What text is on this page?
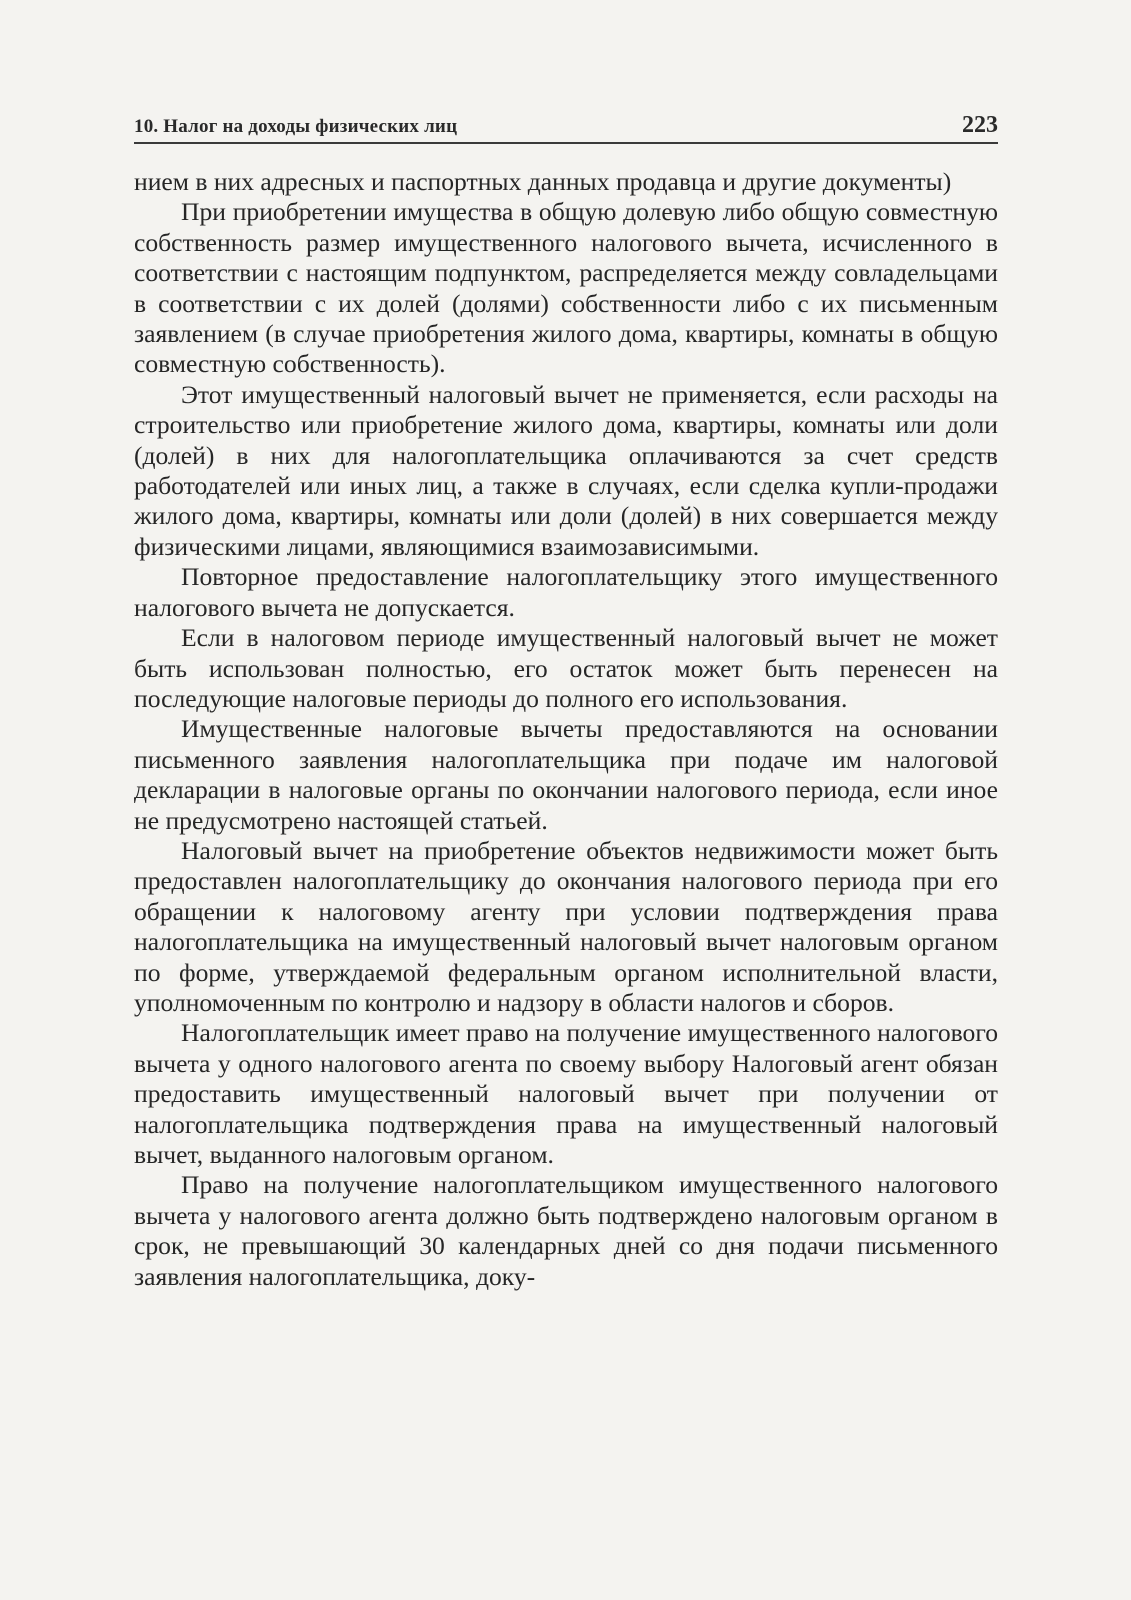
10. Налог на доходы физических лиц	223

нием в них адресных и паспортных данных продавца и другие документы)

При приобретении имущества в общую долевую либо общую совместную собственность размер имущественного налогового вычета, исчисленного в соответствии с настоящим подпунктом, распределяется между совладельцами в соответствии с их долей (долями) собственности либо с их письменным заявлением (в случае приобретения жилого дома, квартиры, комнаты в общую совместную собственность).

Этот имущественный налоговый вычет не применяется, если расходы на строительство или приобретение жилого дома, квартиры, комнаты или доли (долей) в них для налогоплательщика оплачиваются за счет средств работодателей или иных лиц, а также в случаях, если сделка купли-продажи жилого дома, квартиры, комнаты или доли (долей) в них совершается между физическими лицами, являющимися взаимозависимыми.

Повторное предоставление налогоплательщику этого имущественного налогового вычета не допускается.

Если в налоговом периоде имущественный налоговый вычет не может быть использован полностью, его остаток может быть перенесен на последующие налоговые периоды до полного его использования.

Имущественные налоговые вычеты предоставляются на основании письменного заявления налогоплательщика при подаче им налоговой декларации в налоговые органы по окончании налогового периода, если иное не предусмотрено настоящей статьей.

Налоговый вычет на приобретение объектов недвижимости может быть предоставлен налогоплательщику до окончания налогового периода при его обращении к налоговому агенту при условии подтверждения права налогоплательщика на имущественный налоговый вычет налоговым органом по форме, утверждаемой федеральным органом исполнительной власти, уполномоченным по контролю и надзору в области налогов и сборов.

Налогоплательщик имеет право на получение имущественного налогового вычета у одного налогового агента по своему выбору Налоговый агент обязан предоставить имущественный налоговый вычет при получении от налогоплательщика подтверждения права на имущественный налоговый вычет, выданного налоговым органом.

Право на получение налогоплательщиком имущественного налогового вычета у налогового агента должно быть подтверждено налоговым органом в срок, не превышающий 30 календарных дней со дня подачи письменного заявления налогоплательщика, доку-
